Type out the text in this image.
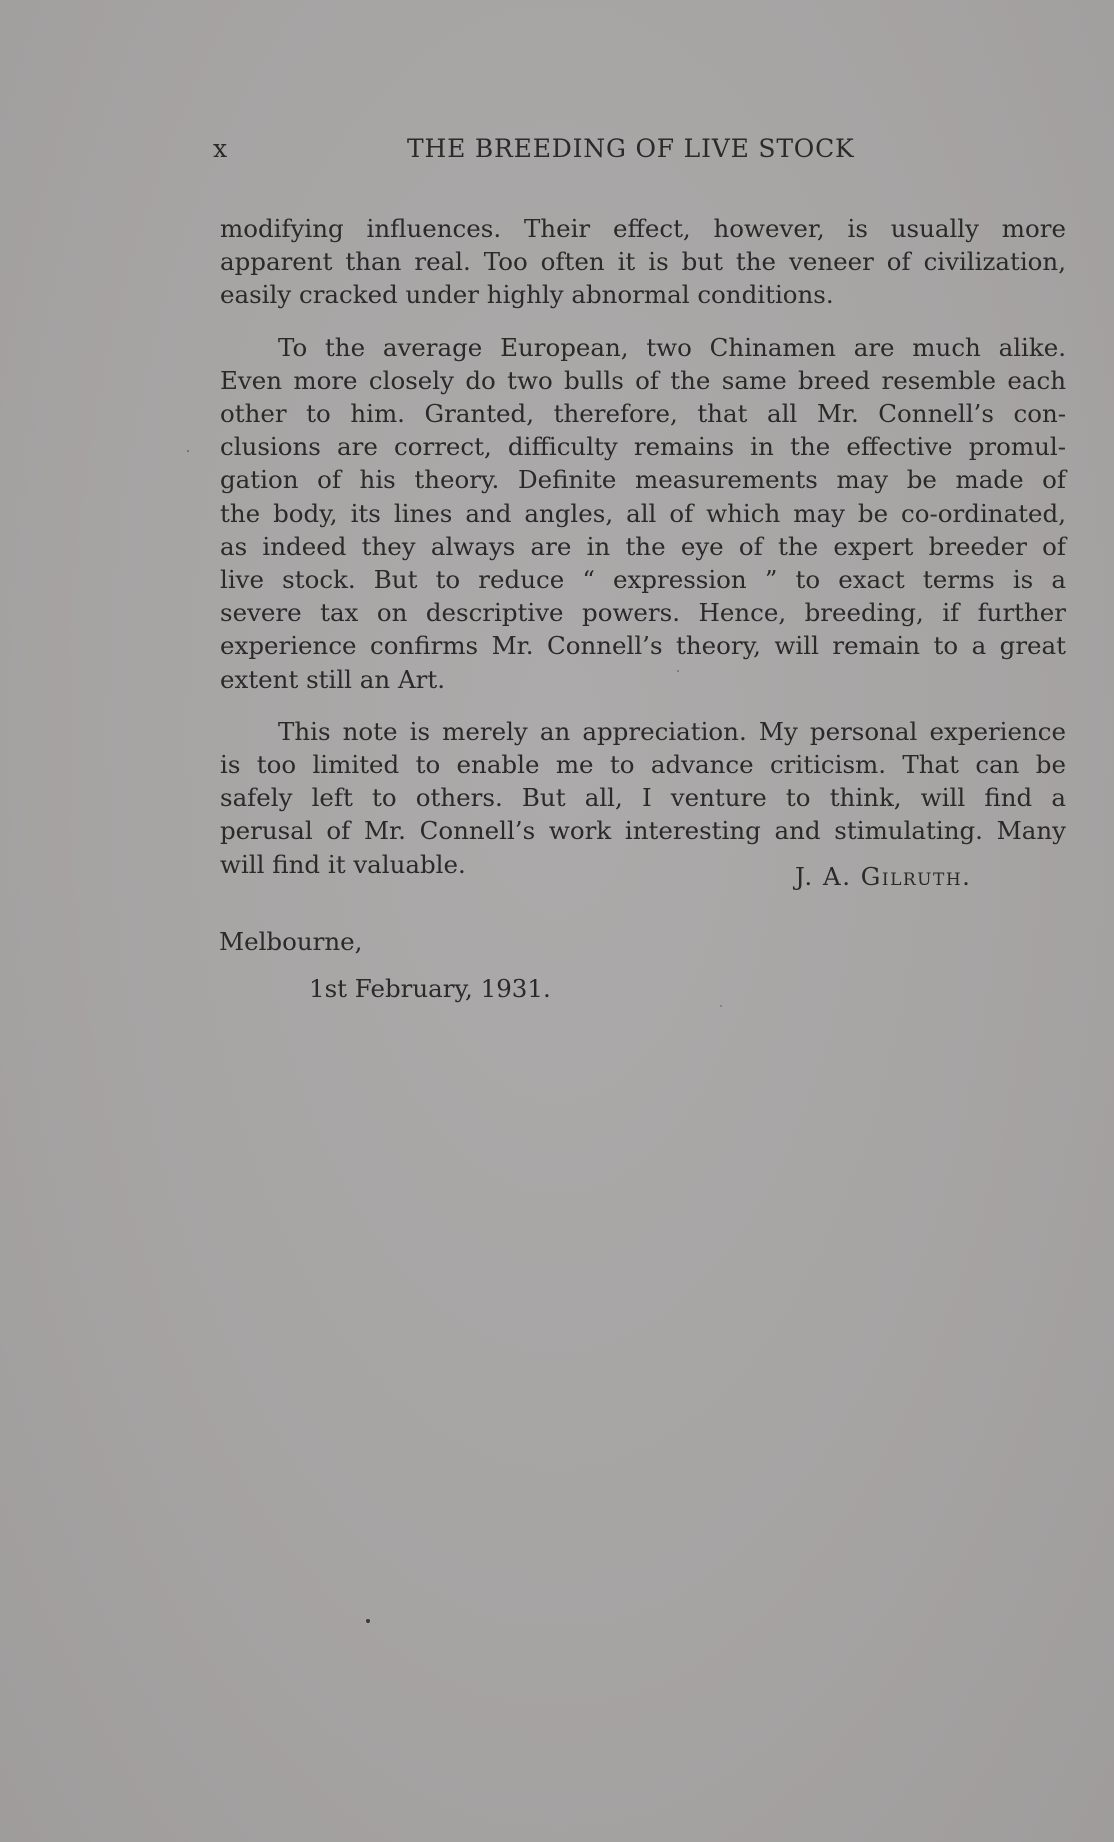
x	THE BREEDING OF LIVE STOCK
modifying influences. Their effect, however, is usually more
apparent than real. Too often it is but the veneer of civilization,
easily cracked under highly abnormal conditions.
To the average European, two Chinamen are much alike.
Even more closely do two bulls of the same breed resemble each
other to him. Granted, therefore, that all Mr. Connell’s con-
clusions are correct, difficulty remains in the effective promul-
gation of his theory. Definite measurements may be made of
the body, its lines and angles, all of which may be co-ordinated,
as indeed they always are in the eye of the expert breeder of
live stock. But to reduce “ expression ” to exact terms is a
severe tax on descriptive powers. Hence, breeding, if further
experience confirms Mr. Connell’s theory, will remain to a great
extent still an Art.
This note is merely an appreciation. My personal experience
is too limited to enable me to advance criticism. That can be
safely left to others. But all, I venture to think, will find a
perusal of Mr. Connell’s work interesting and stimulating. Many
will find it valuable.	J. A. Gilruth.
Melbourne,
1st February, 1931.
